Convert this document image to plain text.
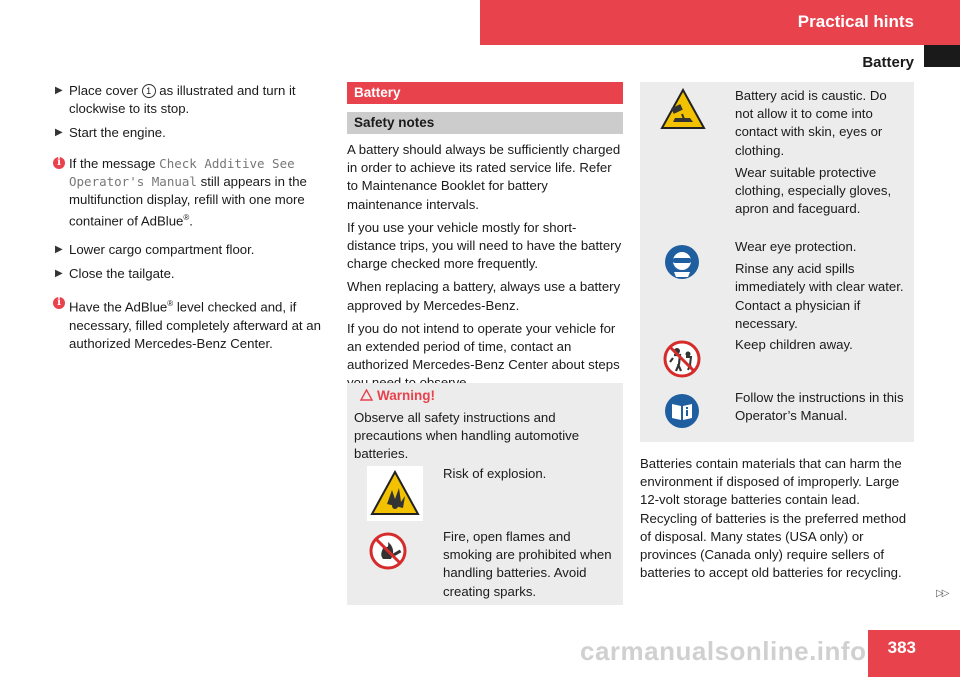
Practical hints
Battery
▶ Place cover 1 as illustrated and turn it clockwise to its stop.
▶ Start the engine.
i If the message Check Additive See Operator's Manual still appears in the multifunction display, refill with one more container of AdBlue®.
▶ Lower cargo compartment floor.
▶ Close the tailgate.
i Have the AdBlue® level checked and, if necessary, filled completely afterward at an authorized Mercedes-Benz Center.
Battery
Safety notes

A battery should always be sufficiently charged in order to achieve its rated service life. Refer to Maintenance Booklet for battery maintenance intervals.

If you use your vehicle mostly for short-distance trips, you will need to have the battery charge checked more frequently.

When replacing a battery, always use a battery approved by Mercedes-Benz.

If you do not intend to operate your vehicle for an extended period of time, contact an authorized Mercedes-Benz Center about steps

Warning!
Observe all safety instructions and precautions when handling automotive batteries.
Risk of explosion.
Fire, open flames and smoking are prohibited when handling batteries. Avoid creating sparks.

Battery acid is caustic. Do not allow it to come into contact with skin, eyes or clothing.

Wear suitable protective clothing, especially gloves, apron and faceguard.

Wear eye protection.

Rinse any acid spills immediately with clear water. Contact a physician if necessary.

Keep children away.

Follow the instructions in this Operator’s Manual.

Batteries contain materials that can harm the environment if disposed of improperly. Large 12-volt storage batteries contain lead. Recycling of batteries is the preferred method of disposal. Many states (USA only) or provinces (Canada only) require sellers of batteries to accept old batteries for recycling.
▷▷
383
carmanualsonline.info
